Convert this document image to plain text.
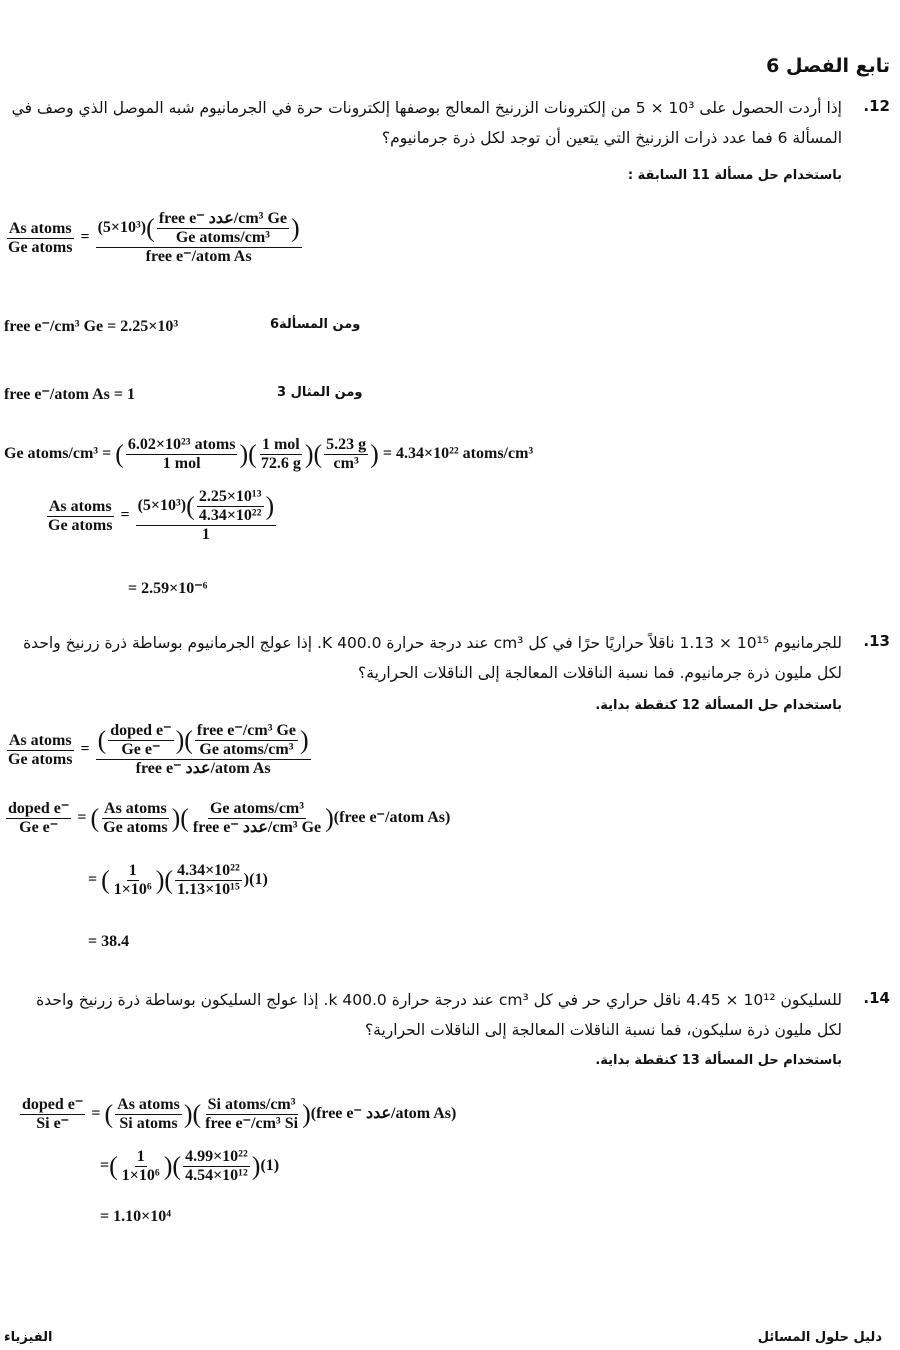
تابع الفصل 6
.12
إذا أردت الحصول على 10³ × 5 من إلكترونات الزرنيخ المعالج بوصفها إلكترونات حرة في الجرمانيوم شبه الموصل الذي وصف في المسألة 6 فما عدد ذرات الزرنيخ التي يتعين أن توجد لكل ذرة جرمانيوم؟
باستخدام حل مسألة 11 السابقة :
$\frac{\text{As atoms}}{\text{Ge atoms}} = \frac{(5\times 10^3)( \frac{\text{free e⁻ عدد/cm³ Ge}}{\text{Ge atoms/cm³}} )}{\text{free e⁻/atom As}}$
free e⁻/cm³ Ge = 2.25×10³	ومن المسألة6
free e⁻/atom As = 1	ومن المثال 3
Ge atoms/cm³ = ( $\frac{\text{6.02×10²³ atoms}}{\text{1 mol}}$ )( $\frac{\text{1 mol}}{72.6 g}$ )( $\frac{5.23 g}{\text{cm³}}$ ) = 4.34×10²² atoms/cm³
$\frac{\text{As atoms}}{\text{Ge atoms}} = \frac{(5\times 10^3)( \frac{\text{2.25×10¹³}}{\text{4.34×10²²}} )}{1}$
= 2.59×10⁻⁶
.13
للجرمانيوم 10¹⁵ × 1.13 ناقلاً حراريًا حرًا في كل cm³ عند درجة حرارة 400.0 K. إذا عولج الجرمانيوم بوساطة ذرة زرنيخ واحدة لكل مليون ذرة جرمانيوم. فما نسبة الناقلات المعالجة إلى الناقلات الحرارية؟
باستخدام حل المسألة 12 كنقطة بداية.
$\frac{\text{As atoms}}{\text{Ge atoms}} = \frac{( \frac{\text{doped e⁻}}{\text{Ge e⁻}} )( \frac{\text{free e⁻/cm³ Ge}}{\text{Ge atoms/cm³}} )}{\text{free e⁻ عدد/atom As}}$
$\frac{\text{doped e⁻}}{\text{Ge e⁻}}$ = ( $\frac{\text{As atoms}}{\text{Ge atoms}}$ )( $\frac{\text{Ge atoms/cm³}}{\text{free e⁻ عدد/cm³ Ge}}$ )(free e⁻/atom As)
= ( $\frac{1}{\text{1×10⁶}}$ )( $\frac{\text{4.34×10²²}}{\text{1.13×10¹⁵}} )(1)$
= 38.4
.14
للسليكون 10¹² × 4.45 ناقل حراري حر في كل cm³ عند درجة حرارة 400.0 k. إذا عولج السليكون بوساطة ذرة زرنيخ واحدة لكل مليون ذرة سليكون، فما نسبة الناقلات المعالجة إلى الناقلات الحرارية؟
باستخدام حل المسألة 13 كنقطة بداية.
$\frac{\text{doped e⁻}}{\text{Si e⁻}}$ = ( $\frac{\text{As atoms}}{\text{Si atoms}}$ )( $\frac{\text{Si atoms/cm³}}{\text{free e⁻/cm³ Si}}$ )(free e⁻ عدد/atom As)
=( $\frac{1}{\text{1×10⁶}}$ )( $\frac{\text{4.99×10²²}}{\text{4.54×10¹²}} )(1)$
= 1.10×10⁴
الفيزياء	دليل حلول المسائل
